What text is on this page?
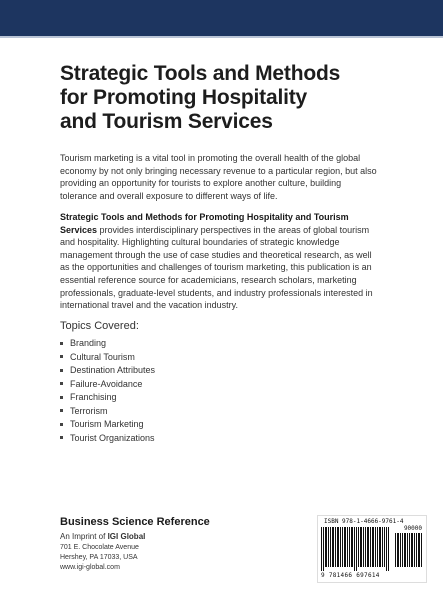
Strategic Tools and Methods
for Promoting Hospitality
and Tourism Services

Tourism marketing is a vital tool in promoting the overall health of the global economy by not only bringing necessary revenue to a particular region, but also providing an opportunity for tourists to explore another culture, building tolerance and overall exposure to different ways of life.

Strategic Tools and Methods for Promoting Hospitality and Tourism Services provides interdisciplinary perspectives in the areas of global tourism and hospitality. Highlighting cultural boundaries of strategic knowledge management through the use of case studies and theoretical research, as well as the opportunities and challenges of tourism marketing, this publication is an essential reference source for academicians, research scholars, marketing professionals, graduate-level students, and industry professionals interested in international travel and the vacation industry.

Topics Covered:

Branding
Cultural Tourism
Destination Attributes
Failure-Avoidance
Franchising
Terrorism
Tourism Marketing
Tourist Organizations

Business Science Reference

An Imprint of IGI Global
701 E. Chocolate Avenue
Hershey, PA 17033, USA
www.igi-global.com
ISBN 978-1-4666-9761-4
90000
9 781466 697614
